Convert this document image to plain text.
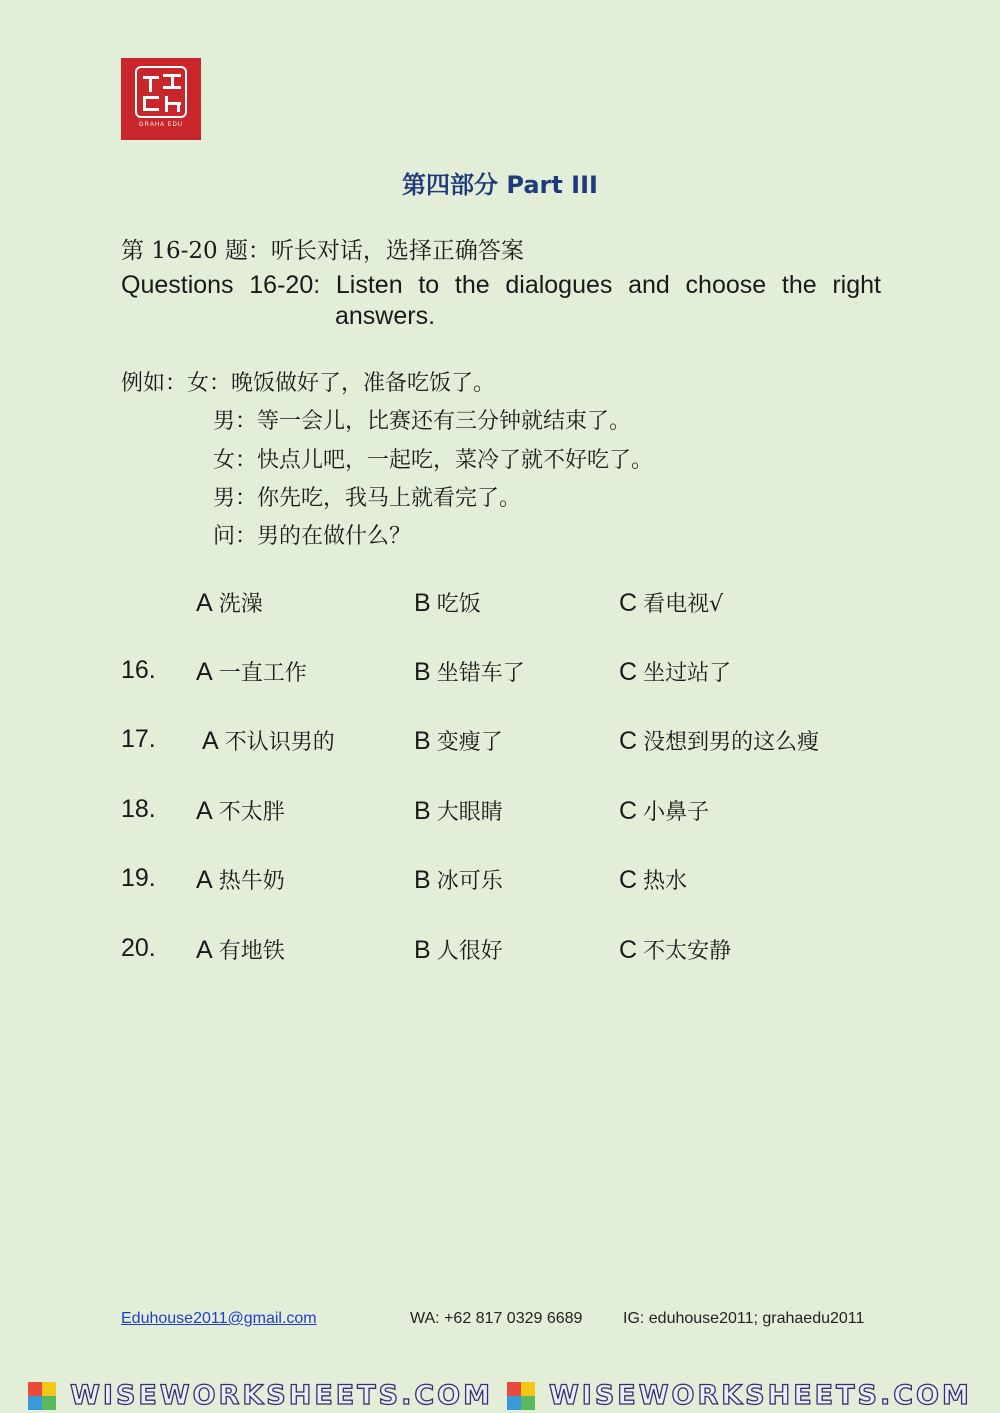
GRAHA EDU
第四部分 Part III
第 16-20 题：听长对话，选择正确答案
Questions 16-20: Listen to the dialogues and choose the right
answers.
例如：女：晚饭做好了，准备吃饭了。
男：等一会儿，比赛还有三分钟就结束了。
女：快点儿吧，一起吃，菜冷了就不好吃了。
男：你先吃，我马上就看完了。
问：男的在做什么？
A 洗澡	B 吃饭	C 看电视√
16. A 一直工作	B 坐错车了	C 坐过站了
17. A 不认识男的	B 变瘦了	C 没想到男的这么瘦
18. A 不太胖	B 大眼睛	C 小鼻子
19. A 热牛奶	B 冰可乐	C 热水
20. A 有地铁	B 人很好	C 不太安静
Eduhouse2011@gmail.com	WA: +62 817 0329 6689	IG: eduhouse2011; grahaedu2011
WISEWORKSHEETS.COM WISEWORKSHEETS.COM
